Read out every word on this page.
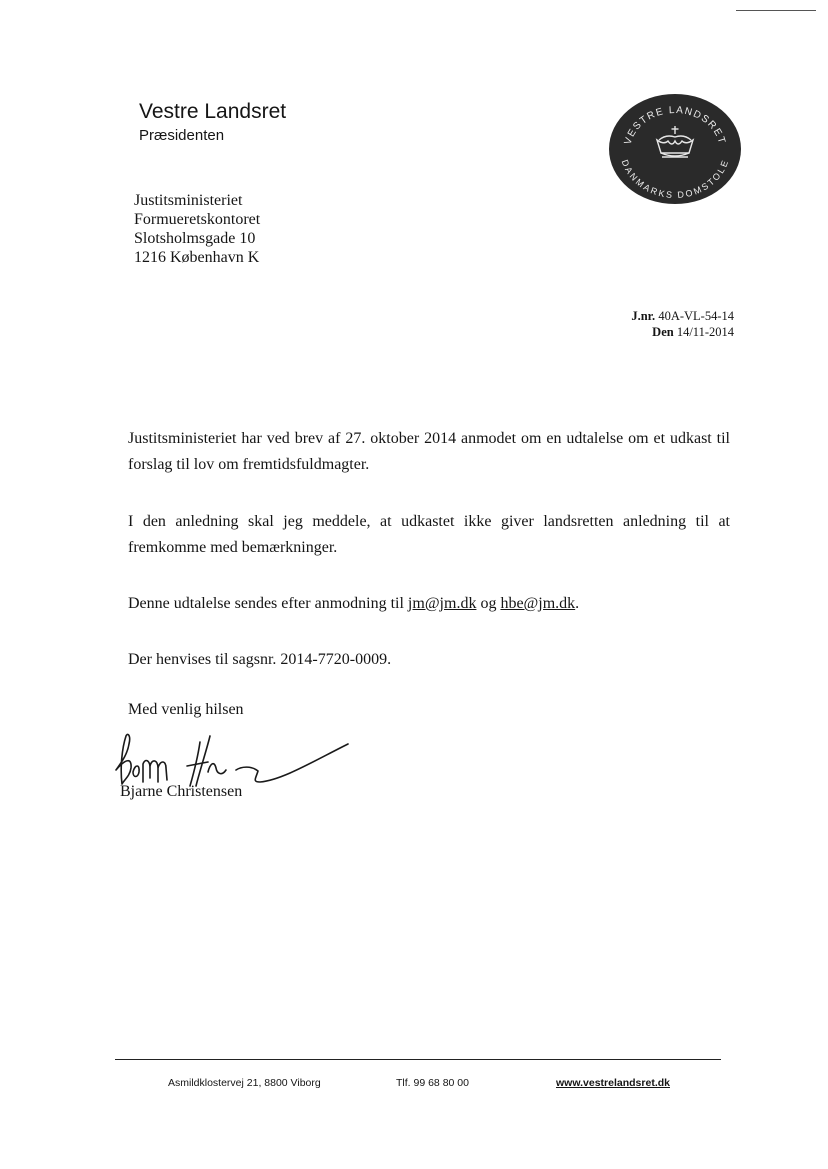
Vestre Landsret
Præsidenten	VESTRE LANDSRET
DANMARKS DOMSTOLE
Justitsministeriet
Formueretskontoret
Slotsholmsgade 10
1216 København K
J.nr. 40A-VL-54-14
Den 14/11-2014
Justitsministeriet har ved brev af 27. oktober 2014 anmodet om en udtalelse om et udkast til forslag til lov om fremtidsfuldmagter.
I den anledning skal jeg meddele, at udkastet ikke giver landsretten anledning til at fremkomme med bemærkninger.
Denne udtalelse sendes efter anmodning til jm@jm.dk og hbe@jm.dk.
Der henvises til sagsnr. 2014-7720-0009.
Med venlig hilsen
Bjarne Christensen
Asmildklostervej 21, 8800 Viborg	Tlf. 99 68 80 00	www.vestrelandsret.dk
